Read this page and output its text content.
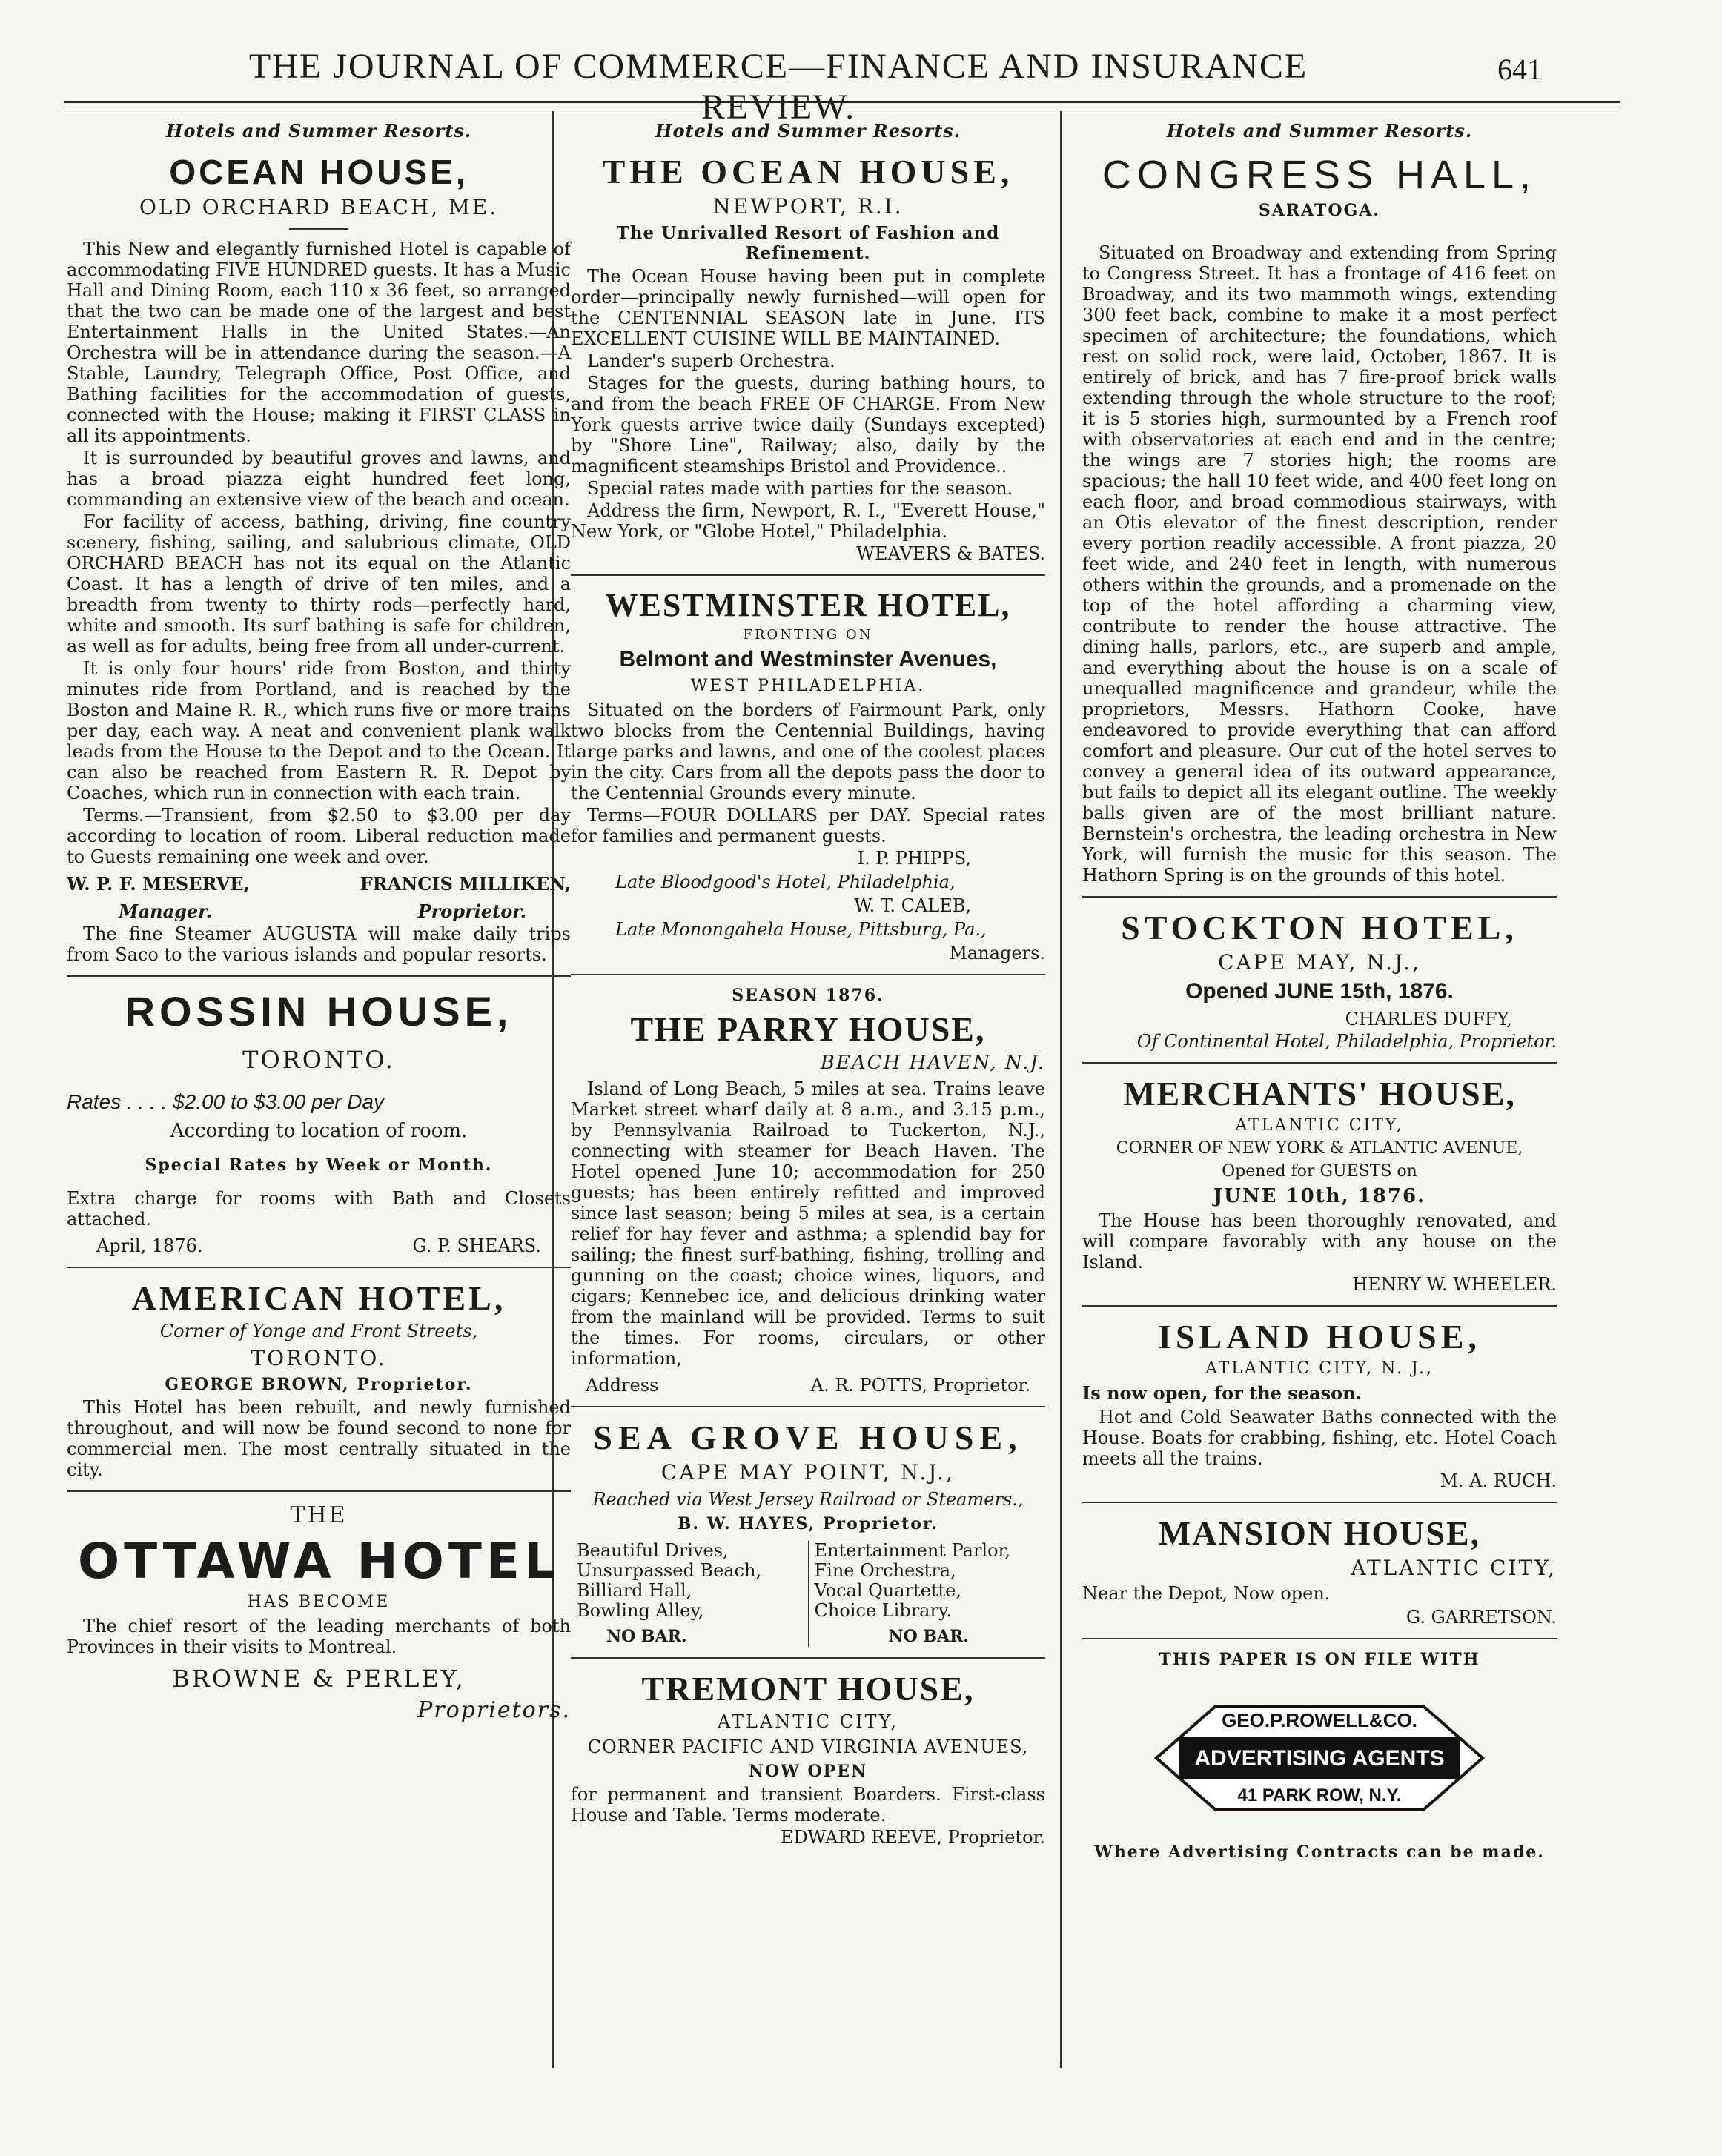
THE JOURNAL OF COMMERCE—FINANCE AND INSURANCE REVIEW.
641
Hotels and Summer Resorts.
OCEAN HOUSE,
OLD ORCHARD BEACH, ME.

This New and elegantly furnished Hotel is capable of accommodating FIVE HUNDRED guests. It has a Music Hall and Dining Room, each 110 x 36 feet, so arranged that the two can be made one of the largest and best Entertainment Halls in the United States.—An Orchestra will be in attendance during the season.—A Stable, Laundry, Telegraph Office, Post Office, and Bathing facilities for the accommodation of guests, connected with the House; making it FIRST CLASS in all its appointments.

It is surrounded by beautiful groves and lawns, and has a broad piazza eight hundred feet long, commanding an extensive view of the beach and ocean.

For facility of access, bathing, driving, fine country scenery, fishing, sailing, and salubrious climate, OLD ORCHARD BEACH has not its equal on the Atlantic Coast. It has a length of drive of ten miles, and a breadth from twenty to thirty rods—perfectly hard, white and smooth. Its surf bathing is safe for children, as well as for adults, being free from all under-current.

It is only four hours' ride from Boston, and thirty minutes ride from Portland, and is reached by the Boston and Maine R. R., which runs five or more trains per day, each way. A neat and convenient plank walk leads from the House to the Depot and to the Ocean. It can also be reached from Eastern R. R. Depot by Coaches, which run in connection with each train.

Terms.—Transient, from $2.50 to $3.00 per day according to location of room. Liberal reduction made to Guests remaining one week and over.

W. P. F. MESERVE,	FRANCIS MILLIKEN,
Manager.	Proprietor.

The fine Steamer AUGUSTA will make daily trips from Saco to the various islands and popular resorts.

ROSSIN HOUSE,
TORONTO.
Rates . . . . $2.00 to $3.00 per Day
According to location of room.
Special Rates by Week or Month.

Extra charge for rooms with Bath and Closets attached.

April, 1876.	G. P. SHEARS.
AMERICAN HOTEL,
Corner of Yonge and Front Streets,
TORONTO.
GEORGE BROWN, Proprietor.

This Hotel has been rebuilt, and newly furnished throughout, and will now be found second to none for commercial men. The most centrally situated in the city.

THE
OTTAWA HOTEL
HAS BECOME

The chief resort of the leading merchants of both Provinces in their visits to Montreal.

BROWNE & PERLEY,
Proprietors.
Hotels and Summer Resorts.
THE OCEAN HOUSE,
NEWPORT, R.I.
The Unrivalled Resort of Fashion and Refinement.

The Ocean House having been put in complete order—principally newly furnished—will open for the CENTENNIAL SEASON late in June. ITS EXCELLENT CUISINE WILL BE MAINTAINED.

Lander's superb Orchestra.

Stages for the guests, during bathing hours, to and from the beach FREE OF CHARGE. From New York guests arrive twice daily (Sundays excepted) by "Shore Line", Railway; also, daily by the magnificent steamships Bristol and Providence..

Special rates made with parties for the season.

Address the firm, Newport, R. I., "Everett House," New York, or "Globe Hotel," Philadelphia.

WEAVERS & BATES.
WESTMINSTER HOTEL,
FRONTING ON
Belmont and Westminster Avenues,
WEST PHILADELPHIA.

Situated on the borders of Fairmount Park, only two blocks from the Centennial Buildings, having large parks and lawns, and one of the coolest places in the city. Cars from all the depots pass the door to the Centennial Grounds every minute.

Terms—FOUR DOLLARS per DAY. Special rates for families and permanent guests.

I. P. PHIPPS,
Late Bloodgood's Hotel, Philadelphia,
W. T. CALEB,
Late Monongahela House, Pittsburg, Pa.,
Managers.
SEASON 1876.
THE PARRY HOUSE,
BEACH HAVEN, N.J.

Island of Long Beach, 5 miles at sea. Trains leave Market street wharf daily at 8 a.m., and 3.15 p.m., by Pennsylvania Railroad to Tuckerton, N.J., connecting with steamer for Beach Haven. The Hotel opened June 10; accommodation for 250 guests; has been entirely refitted and improved since last season; being 5 miles at sea, is a certain relief for hay fever and asthma; a splendid bay for sailing; the finest surf-bathing, fishing, trolling and gunning on the coast; choice wines, liquors, and cigars; Kennebec ice, and delicious drinking water from the mainland will be provided. Terms to suit the times. For rooms, circulars, or other information,

Address	A. R. POTTS, Proprietor.
SEA GROVE HOUSE,
CAPE MAY POINT, N.J.,
Reached via West Jersey Railroad or Steamers.,
B. W. HAYES, Proprietor.
Beautiful Drives,
Unsurpassed Beach,
Billiard Hall,
Bowling Alley,
NO BAR.
Entertainment Parlor,
Fine Orchestra,
Vocal Quartette,
Choice Library.
NO BAR.
TREMONT HOUSE,
ATLANTIC CITY,
CORNER PACIFIC AND VIRGINIA AVENUES,
NOW OPEN

for permanent and transient Boarders. First-class House and Table. Terms moderate.

EDWARD REEVE, Proprietor.
Hotels and Summer Resorts.
CONGRESS HALL,
SARATOGA.

Situated on Broadway and extending from Spring to Congress Street. It has a frontage of 416 feet on Broadway, and its two mammoth wings, extending 300 feet back, combine to make it a most perfect specimen of architecture; the foundations, which rest on solid rock, were laid, October, 1867. It is entirely of brick, and has 7 fire-proof brick walls extending through the whole structure to the roof; it is 5 stories high, surmounted by a French roof with observatories at each end and in the centre; the wings are 7 stories high; the rooms are spacious; the hall 10 feet wide, and 400 feet long on each floor, and broad commodious stairways, with an Otis elevator of the finest description, render every portion readily accessible. A front piazza, 20 feet wide, and 240 feet in length, with numerous others within the grounds, and a promenade on the top of the hotel affording a charming view, contribute to render the house attractive. The dining halls, parlors, etc., are superb and ample, and everything about the house is on a scale of unequalled magnificence and grandeur, while the proprietors, Messrs. Hathorn Cooke, have endeavored to provide everything that can afford comfort and pleasure. Our cut of the hotel serves to convey a general idea of its outward appearance, but fails to depict all its elegant outline. The weekly balls given are of the most brilliant nature. Bernstein's orchestra, the leading orchestra in New York, will furnish the music for this season. The Hathorn Spring is on the grounds of this hotel.

STOCKTON HOTEL,
CAPE MAY, N.J.,
Opened JUNE 15th, 1876.
CHARLES DUFFY,
Of Continental Hotel, Philadelphia, Proprietor.
MERCHANTS' HOUSE,
ATLANTIC CITY,
CORNER OF NEW YORK & ATLANTIC AVENUE,
Opened for GUESTS on
JUNE 10th, 1876.

The House has been thoroughly renovated, and will compare favorably with any house on the Island.

HENRY W. WHEELER.
ISLAND HOUSE,
ATLANTIC CITY, N. J.,
Is now open, for the season.

Hot and Cold Seawater Baths connected with the House. Boats for crabbing, fishing, etc. Hotel Coach meets all the trains.

M. A. RUCH.
MANSION HOUSE,
ATLANTIC CITY,
Near the Depot, Now open.
G. GARRETSON.
THIS PAPER IS ON FILE WITH
GEO.P.ROWELL&CO.
ADVERTISING AGENTS
41 PARK ROW, N.Y.
Where Advertising Contracts can be made.
